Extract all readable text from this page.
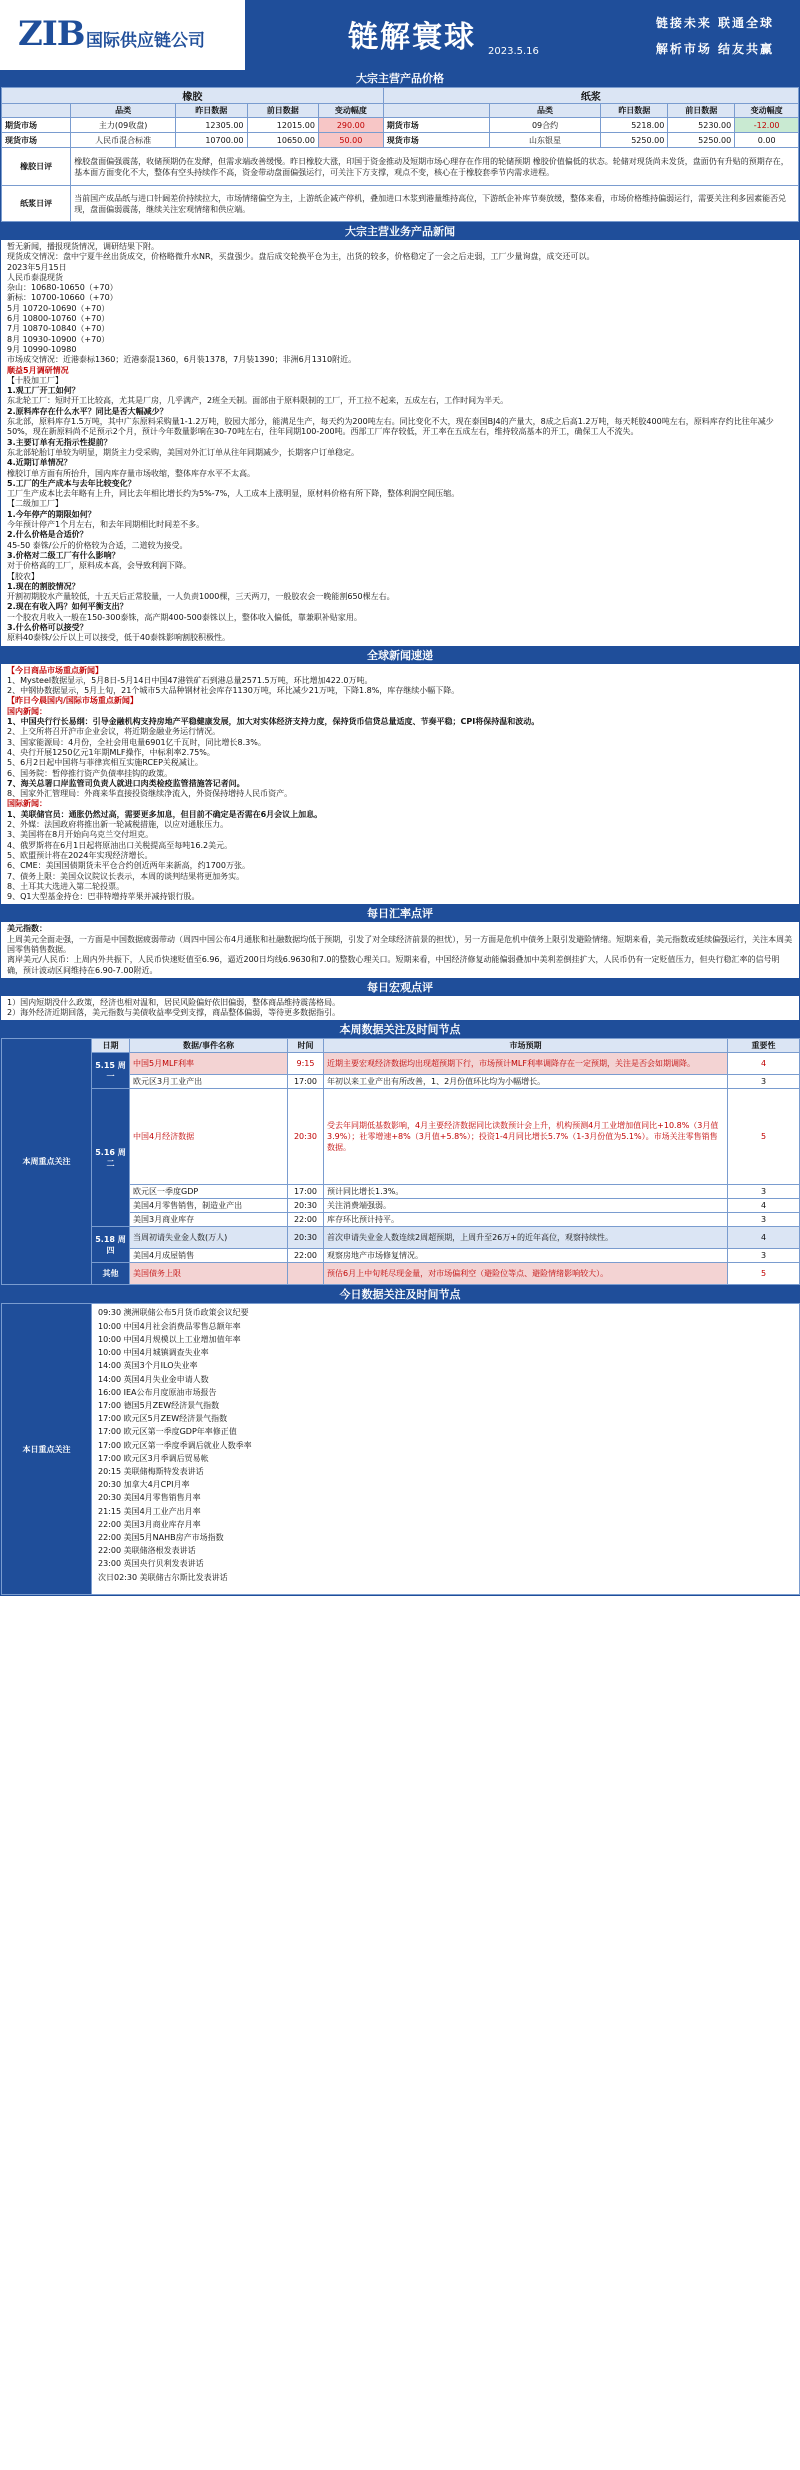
ZIB 国际供应链公司	链解寰球 2023.5.16
链接未来 联通全球
解析市场 结友共赢
大宗主营产品价格
橡胶					纸浆				
	品类	昨日数据	前日数据	变动幅度		品类	昨日数据	前日数据	变动幅度
期货市场	主力(09收盘)	12305.00	12015.00	290.00	期货市场	09合约	5218.00	5230.00	-12.00
现货市场	人民币混合标准	10700.00	10650.00	50.00	现货市场	山东银星	5250.00	5250.00	0.00
橡胶日评	橡胶盘面偏强震荡，收储预期仍在发酵，但需求端改善缓慢。昨日橡胶大涨，印国于资金推动及短期市场心理存在作用的轮储预期 橡胶价值偏低的状态。轮储对现货尚未发货，盘面仍有升贴的预期存在，基本面方面变化不大，整体有空头持续作不高，资金带动盘面偏强运行，可关注下方支撑，观点不变，核心在于橡胶套季节内需求进程。								
纸浆日评	当前国产成品纸与进口针阔差价持续拉大，市场情绪偏空为主，上游纸企减产停机，叠加进口木浆到港量维持高位，下游纸企补库节奏放缓，整体来看，市场价格维持偏弱运行，需要关注利多因素能否兑现，盘面偏弱震荡，继续关注宏观情绪和供应端。								
大宗主营业务产品新闻

暂无新闻，播报现货情况，调研结果下附。

现货成交情况：盘中宁夏牛丝出货成交，价格略微升水NR，买盘强少。盘后成交轮换平仓为主，出货的较多，价格稳定了一会之后走弱，工厂少量询盘，成交还可以。

2023年5月15日

人民币泰混现货

杂山：10680-10650（+70）

新标：10700-10660（+70）

5月 10720-10690（+70）

6月 10800-10760（+70）

7月 10870-10840（+70）

8月 10930-10900（+70）

9月 10990-10980

市场成交情况：近港泰标1360；近港泰混1360，6月装1378，7月装1390；非洲6月1310附近。

顺益5月调研情况

【十股加工厂】

1.观工厂开工如何？

东北轮工厂：短时开工比较高，尤其是厂房，几乎满产，2班全天制。面部由于原料限制的工厂，开工拉不起来，五成左右，工作时间为半天。

2.原料库存在什么水平？同比是否大幅减少？

东北部，原料库存1.5万吨，其中广东原料采购量1-1.2万吨，胶园大部分，能满足生产，每天约为200吨左右。同比变化不大，现在泰国BJ4的产量大，8成之后高1.2万吨，每天耗胶400吨左右，原料库存约比往年减少50%，现在新原料尚不足预示2个月，预计今年数量影响在30-70吨左右，往年同期100-200吨。西部工厂库存较低，开工率在五成左右，维持较高基本的开工，确保工人不流失。

3.主要订单有无指示性提前？

东北部轮胎订单较为明显，期货主力受采购，美国对外汇订单从往年同期减少，长期客户订单稳定。

4.近期订单情况？

橡胶订单方面有所抬升，国内库存量市场收缩，整体库存水平不太高。

5.工厂的生产成本与去年比较变化？

工厂生产成本比去年略有上升，同比去年相比增长约为5%-7%，人工成本上涨明显，原材料价格有所下降，整体利润空间压缩。

【二级加工厂】

1.今年停产的期限如何？

今年预计停产1个月左右，和去年同期相比时间差不多。

2.什么价格是合适价？

45-50 泰铢/公斤的价格较为合适，二道较为接受。

3.价格对二级工厂有什么影响？

对于价格高的工厂，原料成本高，会导致利润下降。

【胶农】

1.现在的割胶情况？

开割初期胶水产量较低，十五天后正常胶量，一人负责1000棵，三天两刀，一般胶农会一晚能割650棵左右。

2.现在有收入吗？如何平衡支出？

一个胶农月收入一般在150-300泰铢，高产期400-500泰铢以上，整体收入偏低，靠兼职补贴家用。

3.什么价格可以接受？

原料40泰铢/公斤以上可以接受，低于40泰铢影响割胶积极性。

全球新闻速递

【今日商品市场重点新闻】

1、Mysteel数据显示，5月8日-5月14日中国47港铁矿石到港总量2571.5万吨，环比增加422.0万吨。

2、中钢协数据显示，5月上旬，21个城市5大品种钢材社会库存1130万吨，环比减少21万吨，下降1.8%，库存继续小幅下降。

【昨日今晨国内/国际市场重点新闻】

国内新闻：

1、中国央行行长易纲：引导金融机构支持房地产平稳健康发展，加大对实体经济支持力度，保持货币信贷总量适度、节奏平稳；CPI将保持温和波动。

2、上交所将召开沪市企业会议，将近期金融业务运行情况。

3、国家能源局：4月份，全社会用电量6901亿千瓦时，同比增长8.3%。

4、央行开展1250亿元1年期MLF操作，中标利率2.75%。

5、6月2日起中国将与菲律宾相互实施RCEP关税减让。

6、国务院：暂停推行资产负债率挂钩的政策。

7、海关总署口岸监管司负责人就进口肉类检疫监管措施答记者问。

8、国家外汇管理局：外商来华直接投资继续净流入，外资保持增持人民币资产。

国际新闻：

1、美联储官员：通胀仍然过高，需要更多加息，但目前不确定是否需在6月会议上加息。

2、外媒：法国政府将推出新一轮减税措施，以应对通胀压力。

3、美国将在8月开始向乌克兰交付坦克。

4、俄罗斯将在6月1日起将原油出口关税提高至每吨16.2美元。

5、欧盟预计将在2024年实现经济增长。

6、CME：美国国债期货未平仓合约创近两年来新高，约1700万张。

7、债务上限：美国众议院议长表示，本周的谈判结果将更加务实。

8、土耳其大选进入第二轮投票。

9、Q1大型基金持仓：巴菲特增持苹果并减持银行股。

每日汇率点评

美元指数：

上周美元全面走强，一方面是中国数据疲弱带动（周四中国公布4月通胀和社融数据均低于预期，引发了对全球经济前景的担忧），另一方面是危机中债务上限引发避险情绪。短期来看，美元指数或延续偏强运行，关注本周美国零售销售数据。

离岸美元/人民币：上周内外共振下，人民币快速贬值至6.96，逼近200日均线6.9630和7.0的整数心理关口。短期来看，中国经济修复动能偏弱叠加中美利差倒挂扩大，人民币仍有一定贬值压力，但央行稳汇率的信号明确，预计波动区间维持在6.90-7.00附近。

每日宏观点评

1）国内短期没什么政策，经济也相对温和，居民风险偏好依旧偏弱，整体商品维持震荡格局。

2）海外经济近期回落，美元指数与美债收益率受到支撑，商品整体偏弱，等待更多数据指引。

本周数据关注及时间节点
本周重点关注	日期	数据/事件名称	时间	市场预期	重要性
	5.15 周一	中国5月MLF利率	9:15	近期主要宏观经济数据均出现超预期下行，市场预计MLF利率调降存在一定预期，关注是否会如期调降。	4
		欧元区3月工业产出	17:00	年初以来工业产出有所改善，1、2月份值环比均为小幅增长。	3
	5.16 周二	中国4月经济数据	20:30	受去年同期低基数影响，4月主要经济数据同比读数预计会上升，机构预测4月工业增加值同比+10.8%（3月值3.9%）；社零增速+8%（3月值+5.8%）；投资1-4月同比增长5.7%（1-3月份值为5.1%）。市场关注零售销售数据。	5
		欧元区一季度GDP	17:00	预计同比增长1.3%。	3
		美国4月零售销售，制造业产出	20:30	关注消费端强弱。	4
		美国3月商业库存	22:00	库存环比预计持平。	3
	5.18 周四	当周初请失业金人数(万人)	20:30	首次申请失业金人数连续2周超预期，上周升至26万+的近年高位，观察持续性。	4
		美国4月成屋销售	22:00	观察房地产市场修复情况。	3
	其他	美国债务上限		预估6月上中旬耗尽现金量，对市场偏利空（避险位等点、避险情绪影响较大）。	5
今日数据关注及时间节点
本日重点关注	
09:30 澳洲联储公布5月货币政策会议纪要
10:00 中国4月社会消费品零售总额年率
10:00 中国4月规模以上工业增加值年率
10:00 中国4月城镇调查失业率
14:00 英国3个月ILO失业率
14:00 英国4月失业金申请人数
16:00 IEA公布月度原油市场报告
17:00 德国5月ZEW经济景气指数
17:00 欧元区5月ZEW经济景气指数
17:00 欧元区第一季度GDP年率修正值
17:00 欧元区第一季度季调后就业人数季率
17:00 欧元区3月季调后贸易帐
20:15 美联储梅斯特发表讲话
20:30 加拿大4月CPI月率
20:30 美国4月零售销售月率
21:15 美国4月工业产出月率
22:00 美国3月商业库存月率
22:00 美国5月NAHB房产市场指数
22:00 美联储洛根发表讲话
23:00 英国央行贝利发表讲话
次日02:30 美联储古尔斯比发表讲话
